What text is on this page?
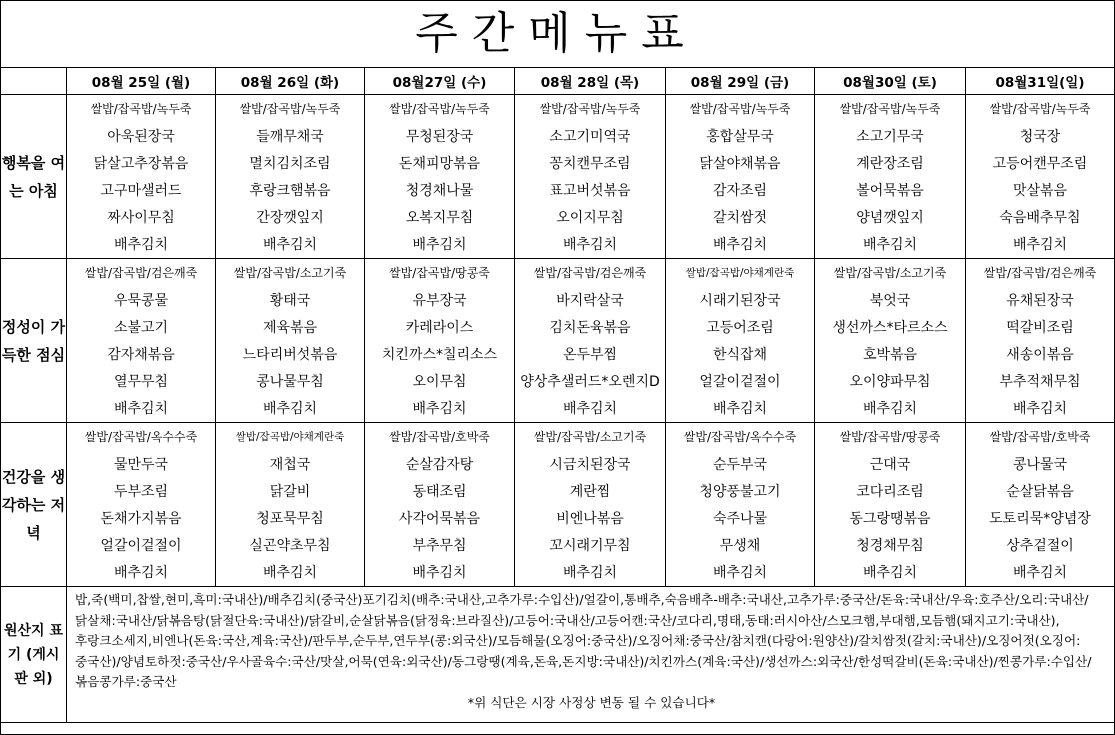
주간메뉴표
	08월 25일 (월)	08월 26일 (화)	08월27일 (수)	08월 28일 (목)	08월 29일 (금)	08월30일 (토)	08월31일(일)
행복을 여는 아침	쌀밥/잡곡밥/녹두죽	쌀밥/잡곡밥/녹두죽	쌀밥/잡곡밥/녹두죽	쌀밥/잡곡밥/녹두죽	쌀밥/잡곡밥/녹두죽	쌀밥/잡곡밥/녹두죽	쌀밥/잡곡밥/녹두죽
	아욱된장국	들깨무채국	무청된장국	소고기미역국	홍합살무국	소고기무국	청국장
	닭살고추장볶음	멸치김치조림	돈채피망볶음	꽁치캔무조림	닭살야채볶음	계란장조림	고등어캔무조림
	고구마샐러드	후랑크햄볶음	청경채나물	표고버섯볶음	감자조림	볼어묵볶음	맛살볶음
	짜사이무침	간장깻잎지	오복지무침	오이지무침	갈치쌈젓	양념깻잎지	숙음배추무침
	배추김치	배추김치	배추김치	배추김치	배추김치	배추김치	배추김치
정성이 가득한 점심	쌀밥/잡곡밥/검은깨죽	쌀밥/잡곡밥/소고기죽	쌀밥/잡곡밥/땅콩죽	쌀밥/잡곡밥/검은깨죽	쌀밥/잡곡밥/야채계란죽	쌀밥/잡곡밥/소고기죽	쌀밥/잡곡밥/검은깨죽
	우묵콩물	황태국	유부장국	바지락살국	시래기된장국	북엇국	유채된장국
	소불고기	제육볶음	카레라이스	김치돈육볶음	고등어조림	생선까스*타르소스	떡갈비조림
	감자채볶음	느타리버섯볶음	치킨까스*칠리소스	온두부찜	한식잡채	호박볶음	새송이볶음
	열무무침	콩나물무침	오이무침	양상추샐러드*오렌지D	얼갈이겉절이	오이양파무침	부추적채무침
	배추김치	배추김치	배추김치	배추김치	배추김치	배추김치	배추김치
건강을 생각하는 저녁	쌀밥/잡곡밥/옥수수죽	쌀밥/잡곡밥/야채계란죽	쌀밥/잡곡밥/호박죽	쌀밥/잡곡밥/소고기죽	쌀밥/잡곡밥/옥수수죽	쌀밥/잡곡밥/땅콩죽	쌀밥/잡곡밥/호박죽
	물만두국	재첩국	순살감자탕	시금치된장국	순두부국	근대국	콩나물국
	두부조림	닭갈비	동태조림	계란찜	청양풍불고기	코다리조림	순살닭볶음
	돈채가지볶음	청포묵무침	사각어묵볶음	비엔나볶음	숙주나물	동그랑땡볶음	도토리묵*양념장
	얼갈이겉절이	실곤약초무침	부추무침	꼬시래기무침	무생채	청경채무침	상추겉절이
	배추김치	배추김치	배추김치	배추김치	배추김치	배추김치	배추김치
원산지 표기 (게시판 외)	밥,죽(백미,찹쌀,현미,흑미:국내산)/배추김치(중국산)포기김치(배추:국내산,고추가루:수입산)/얼갈이,통배추,숙음배추-배추:국내산,고추가루:중국산/돈육:국내산/우육:호주산/오리:국내산/닭살채:국내산/닭볶음탕(닭절단육:국내산)/닭갈비,순살닭볶음(닭정육:브라질산)/고등어:국내산/고등어캔:국산/코다리,명태,동태:러시아산/스모크햄,부대햄,모듬햄(돼지고기:국내산),후랑크소세지,비엔나(돈육:국산,계육:국산)/판두부,순두부,연두부(콩:외국산)/모듬해물(오징어:중국산)/오징어채:중국산/참치캔(다랑어:원양산)/갈치쌈젓(갈치:국내산)/오징어젓(오징어:중국산)/양념토하젓:중국산/우사골육수:국산/맛살,어묵(연육:외국산)/동그랑땡(계육,돈육,돈지방:국내산)/치킨까스(계육:국산)/생선까스:외국산/한성떡갈비(돈육:국내산)/찐콩가루:수입산/볶음콩가루:중국산
*위 식단은 시장 사정상 변동 될 수 있습니다*						
